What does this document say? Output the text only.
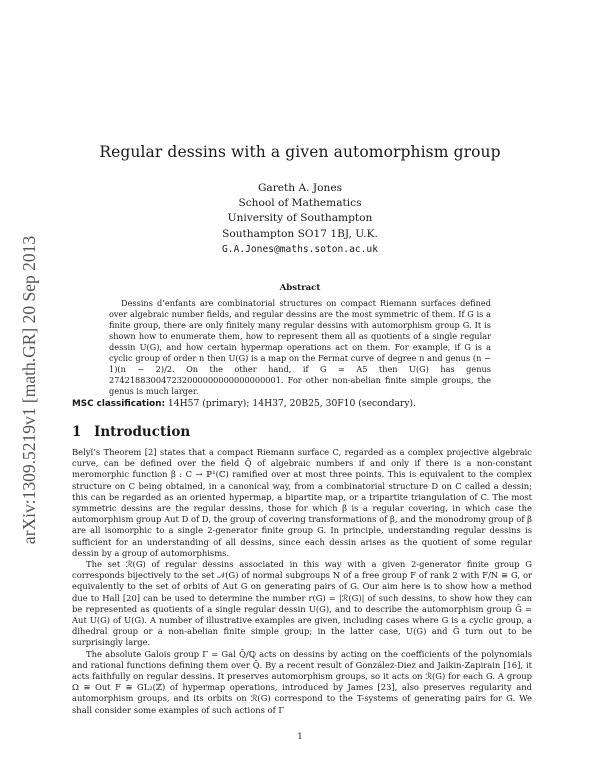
arXiv:1309.5219v1 [math.GR] 20 Sep 2013
Regular dessins with a given automorphism group
Gareth A. Jones
School of Mathematics
University of Southampton
Southampton SO17 1BJ, U.K.
G.A.Jones@maths.soton.ac.uk
Abstract

Dessins d’enfants are combinatorial structures on compact Riemann surfaces defined over algebraic number fields, and regular dessins are the most symmetric of them. If G is a finite group, there are only finitely many regular dessins with automorphism group G. It is shown how to enumerate them, how to represent them all as quotients of a single regular dessin U(G), and how certain hypermap operations act on them. For example, if G is a cyclic group of order n then U(G) is a map on the Fermat curve of degree n and genus (n − 1)(n − 2)/2. On the other hand, if G = A5 then U(G) has genus 274218830047232000000000000000001. For other non-abelian finite simple groups, the genus is much larger.

MSC classification: 14H57 (primary); 14H37, 20B25, 30F10 (secondary).
1 Introduction

Belyĭ’s Theorem [2] states that a compact Riemann surface C, regarded as a complex projective algebraic curve, can be defined over the field Q̄ of algebraic numbers if and only if there is a non-constant meromorphic function β : C → ℙ¹(ℂ) ramified over at most three points. This is equivalent to the complex structure on C being obtained, in a canonical way, from a combinatorial structure D on C called a dessin; this can be regarded as an oriented hypermap, a bipartite map, or a tripartite triangulation of C. The most symmetric dessins are the regular dessins, those for which β is a regular covering, in which case the automorphism group Aut D of D, the group of covering transformations of β, and the monodromy group of β are all isomorphic to a single 2-generator finite group G. In principle, understanding regular dessins is sufficient for an understanding of all dessins, since each dessin arises as the quotient of some regular dessin by a group of automorphisms.

The set ℛ(G) of regular dessins associated in this way with a given 2-generator finite group G corresponds bijectively to the set 𝒩(G) of normal subgroups N of a free group F of rank 2 with F/N ≅ G, or equivalently to the set of orbits of Aut G on generating pairs of G. Our aim here is to show how a method due to Hall [20] can be used to determine the number r(G) = |ℛ(G)| of such dessins, to show how they can be represented as quotients of a single regular dessin U(G), and to describe the automorphism group Ḡ = Aut U(G) of U(G). A number of illustrative examples are given, including cases where G is a cyclic group, a dihedral group or a non-abelian finite simple group; in the latter case, U(G) and Ḡ turn out to be surprisingly large.

The absolute Galois group Γ = Gal Q̄/ℚ acts on dessins by acting on the coefficients of the polynomials and rational functions defining them over Q̄. By a recent result of González-Diez and Jaikin-Zapirain [16], it acts faithfully on regular dessins. It preserves automorphism groups, so it acts on ℛ(G) for each G. A group Ω ≅ Out F ≅ GL₂(ℤ) of hypermap operations, introduced by James [23], also preserves regularity and automorphism groups, and its orbits on ℛ(G) correspond to the T-systems of generating pairs for G. We shall consider some examples of such actions of Γ

1
